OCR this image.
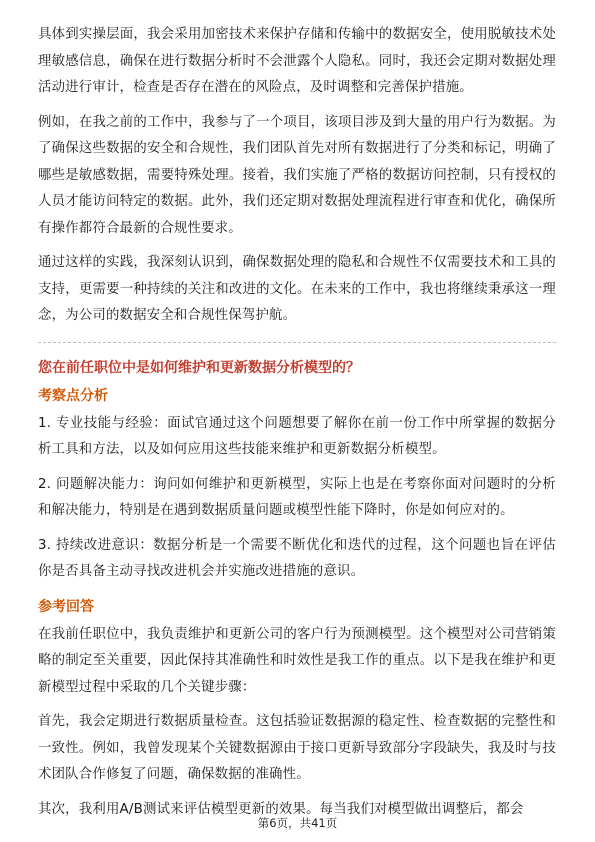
具体到实操层面，我会采用加密技术来保护存储和传输中的数据安全，使用脱敏技术处理敏感信息，确保在进行数据分析时不会泄露个人隐私。同时，我还会定期对数据处理活动进行审计，检查是否存在潜在的风险点，及时调整和完善保护措施。

例如，在我之前的工作中，我参与了一个项目，该项目涉及到大量的用户行为数据。为了确保这些数据的安全和合规性，我们团队首先对所有数据进行了分类和标记，明确了哪些是敏感数据，需要特殊处理。接着，我们实施了严格的数据访问控制，只有授权的人员才能访问特定的数据。此外，我们还定期对数据处理流程进行审查和优化，确保所有操作都符合最新的合规性要求。

通过这样的实践，我深刻认识到，确保数据处理的隐私和合规性不仅需要技术和工具的支持，更需要一种持续的关注和改进的文化。在未来的工作中，我也将继续秉承这一理念，为公司的数据安全和合规性保驾护航。

您在前任职位中是如何维护和更新数据分析模型的？
考察点分析

1. 专业技能与经验：面试官通过这个问题想要了解你在前一份工作中所掌握的数据分析工具和方法，以及如何应用这些技能来维护和更新数据分析模型。

2. 问题解决能力：询问如何维护和更新模型，实际上也是在考察你面对问题时的分析和解决能力，特别是在遇到数据质量问题或模型性能下降时，你是如何应对的。

3. 持续改进意识：数据分析是一个需要不断优化和迭代的过程，这个问题也旨在评估你是否具备主动寻找改进机会并实施改进措施的意识。

参考回答

在我前任职位中，我负责维护和更新公司的客户行为预测模型。这个模型对公司营销策略的制定至关重要，因此保持其准确性和时效性是我工作的重点。以下是我在维护和更新模型过程中采取的几个关键步骤：

首先，我会定期进行数据质量检查。这包括验证数据源的稳定性、检查数据的完整性和一致性。例如，我曾发现某个关键数据源由于接口更新导致部分字段缺失，我及时与技术团队合作修复了问题，确保数据的准确性。

其次，我利用A/B测试来评估模型更新的效果。每当我们对模型做出调整后，都会

第6页，共41页
